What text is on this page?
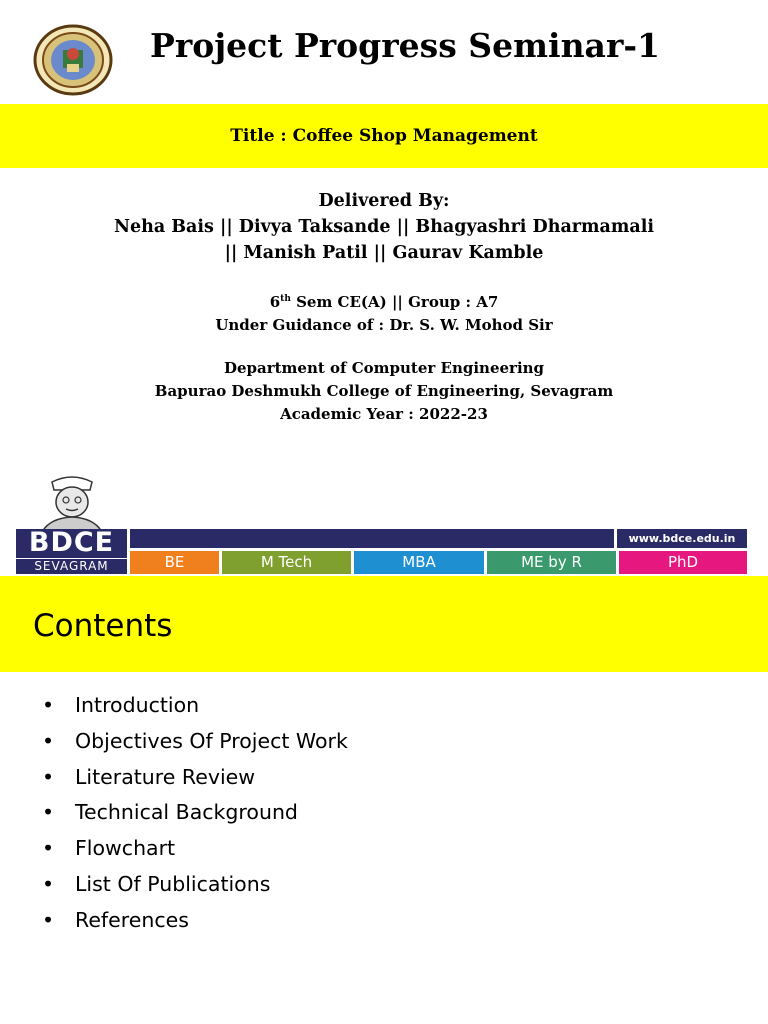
Project Progress Seminar-1
Title : Coffee Shop Management
Delivered By:
Neha Bais || Divya Taksande || Bhagyashri Dharmamali
|| Manish Patil || Gaurav Kamble
6th Sem CE(A) || Group : A7
Under Guidance of : Dr. S. W. Mohod Sir
Department of Computer Engineering
Bapurao Deshmukh College of Engineering, Sevagram
Academic Year : 2022-23
BDCE
SEVAGRAM
www.bdce.edu.in
BE	M Tech	MBA	ME by R	PhD
Contents
• Introduction
• Objectives Of Project Work
• Literature Review
• Technical Background
• Flowchart
• List Of Publications
• References
